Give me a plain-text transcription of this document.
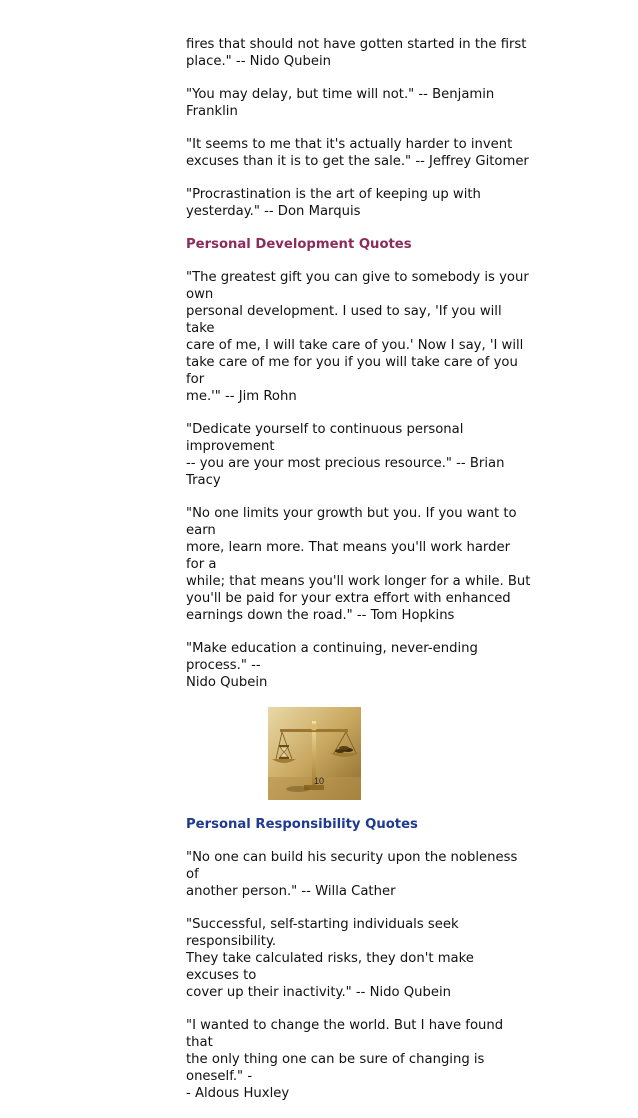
fires that should not have gotten started in the first
place." -- Nido Qubein

"You may delay, but time will not." -- Benjamin Franklin

"It seems to me that it's actually harder to invent
excuses than it is to get the sale." -- Jeffrey Gitomer

"Procrastination is the art of keeping up with
yesterday." -- Don Marquis

Personal Development Quotes

"The greatest gift you can give to somebody is your own
personal development. I used to say, 'If you will take
care of me, I will take care of you.' Now I say, 'I will
take care of me for you if you will take care of you for
me.'" -- Jim Rohn

"Dedicate yourself to continuous personal improvement
-- you are your most precious resource." -- Brian Tracy

"No one limits your growth but you. If you want to earn
more, learn more. That means you'll work harder for a
while; that means you'll work longer for a while. But
you'll be paid for your extra effort with enhanced
earnings down the road." -- Tom Hopkins

"Make education a continuing, never-ending process." --
Nido Qubein

Personal Responsibility Quotes

"No one can build his security upon the nobleness of
another person." -- Willa Cather

"Successful, self-starting individuals seek responsibility.
They take calculated risks, they don't make excuses to
cover up their inactivity." -- Nido Qubein

"I wanted to change the world. But I have found that
the only thing one can be sure of changing is oneself." -
- Aldous Huxley

10
